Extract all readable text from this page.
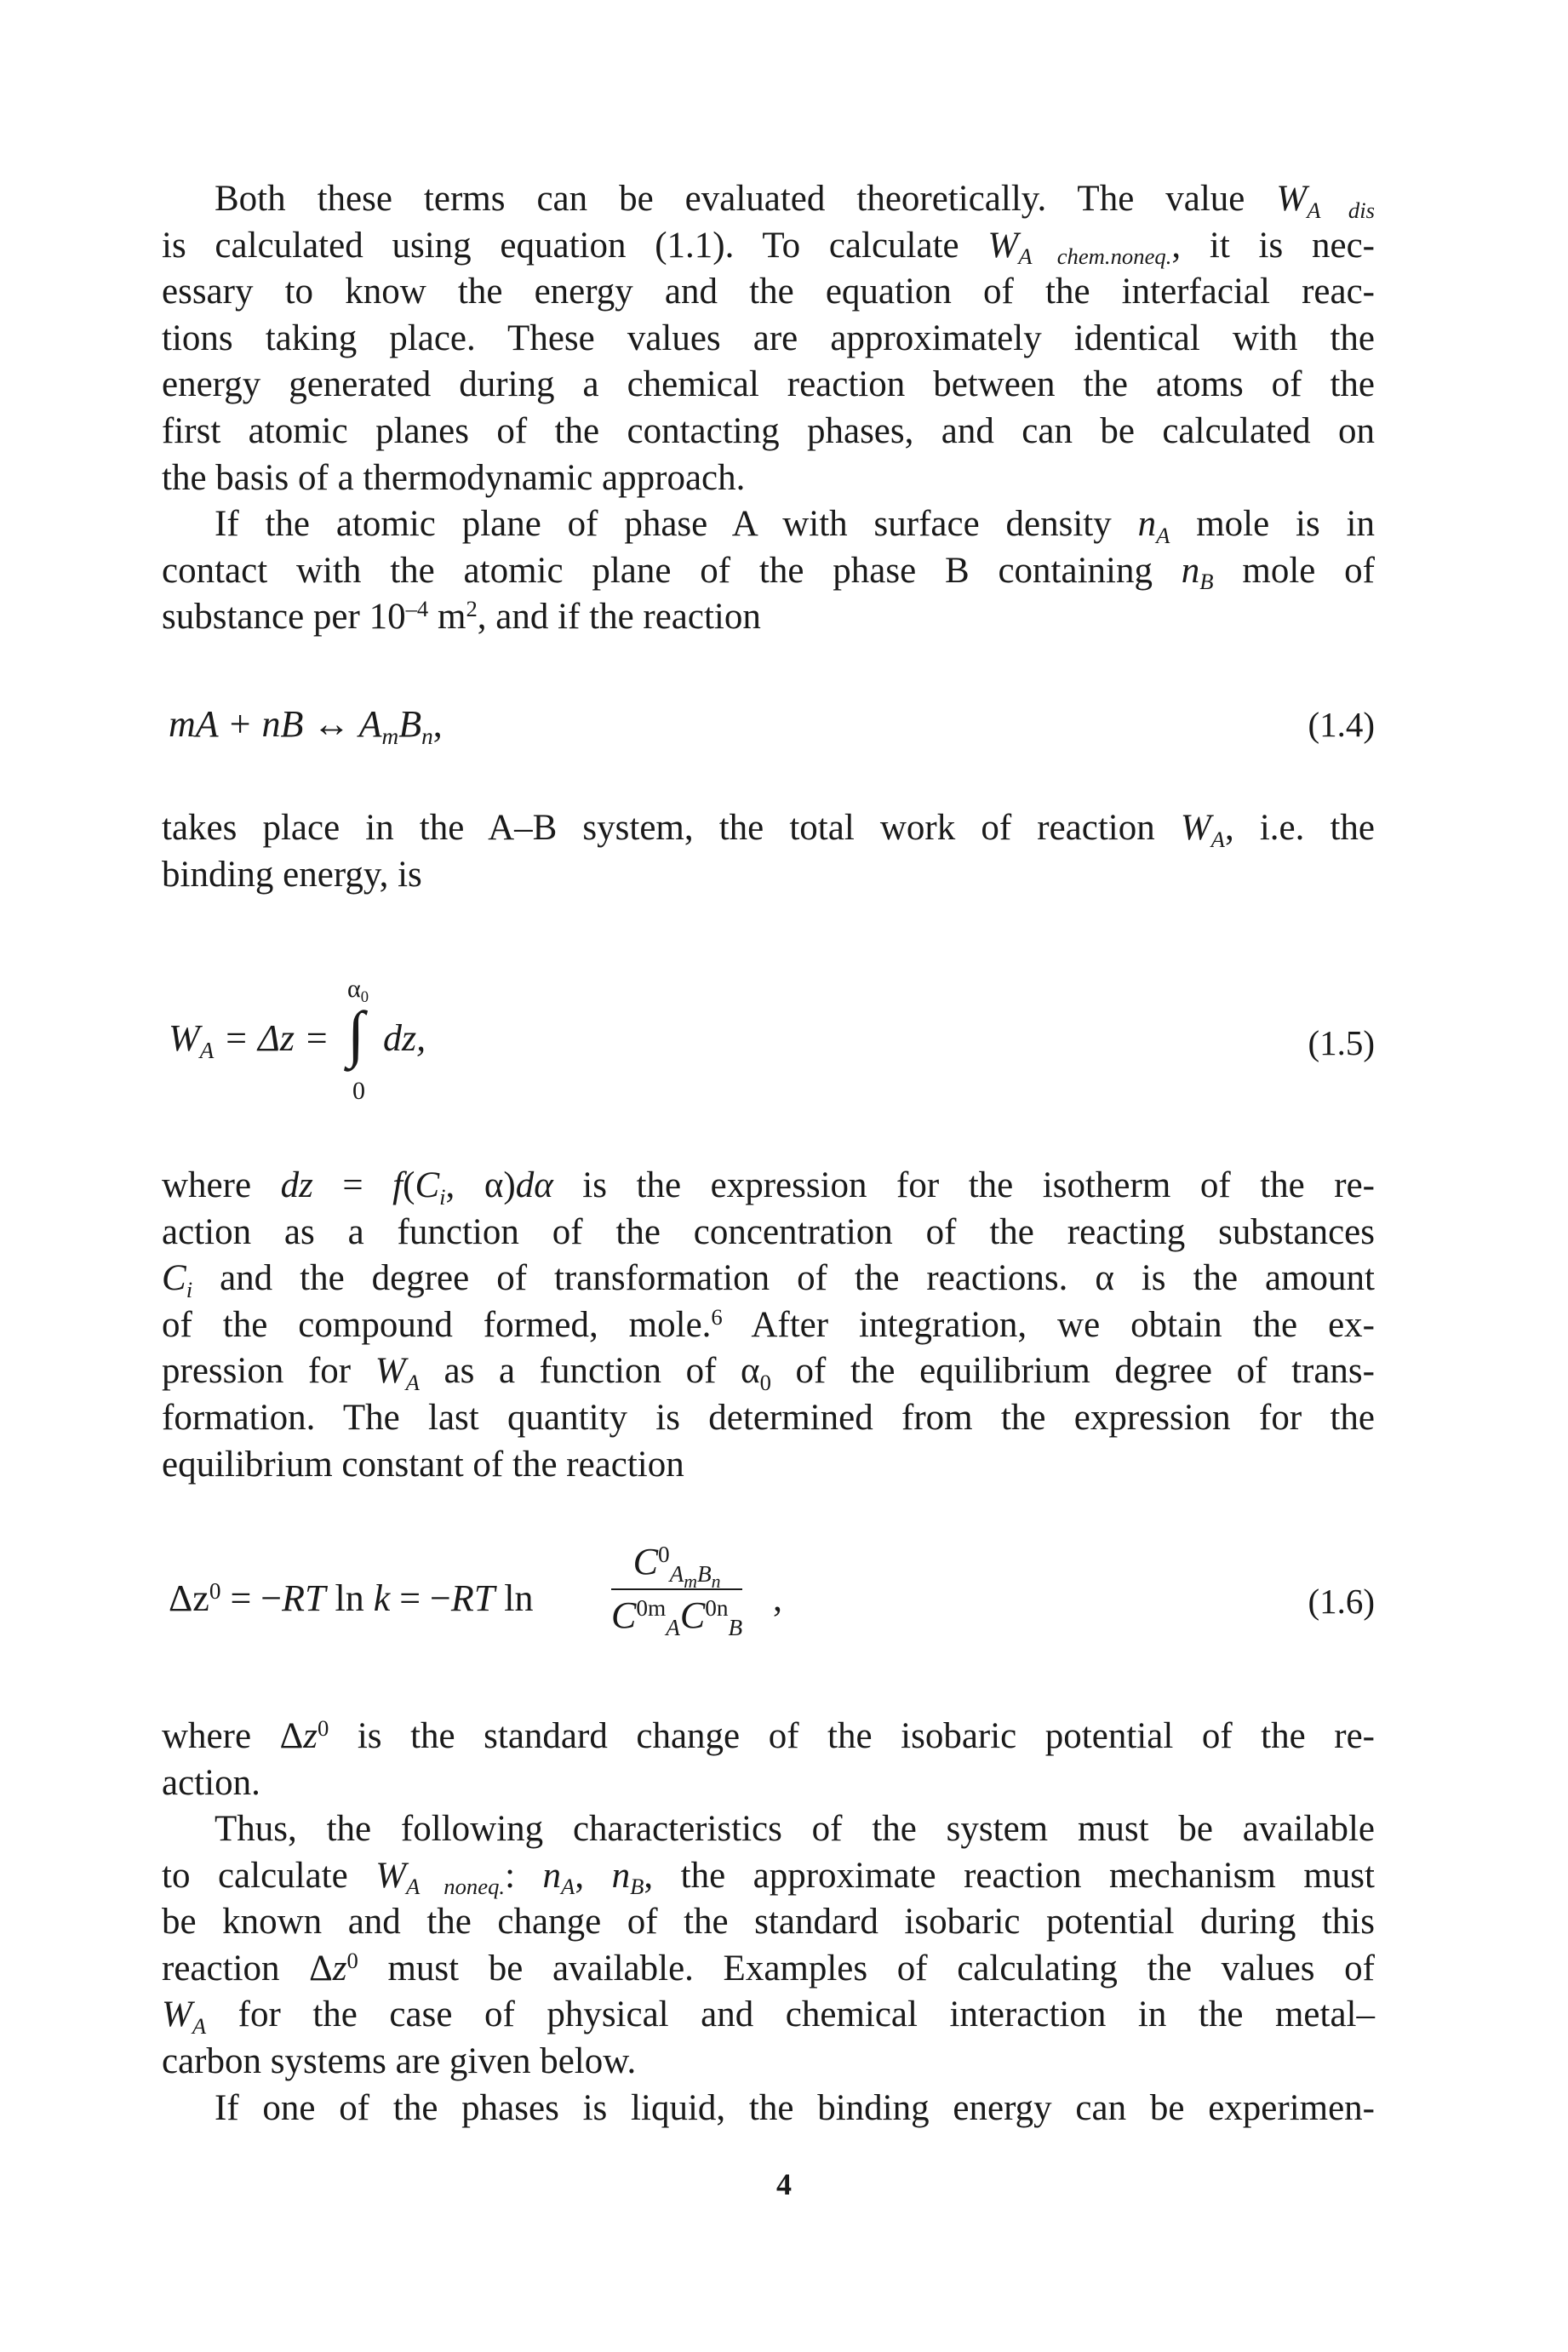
Both these terms can be evaluated theoretically. The value $W_{A dis}$
is calculated using equation (1.1). To calculate $W_{A chem.noneq.}$, it is nec-
essary to know the energy and the equation of the interfacial reac-
tions taking place. These values are approximately identical with the
energy generated during a chemical reaction between the atoms of the
first atomic planes of the contacting phases, and can be calculated on
the basis of a thermodynamic approach.
If the atomic plane of phase A with surface density $n_A$ mole is in
contact with the atomic plane of the phase B containing $n_B$ mole of
substance per $10^{-4}$ $m^2$, and if the reaction
mA + nB ↔ $A_mB_n$,	(1.4)
takes place in the A–B system, the total work of reaction $W_A$, i.e. the
binding energy, is
$W_A = \Delta z$ =
$\alpha_0$
∫
0
dz,	(1.5)
where dz = $f(C_i$, α)dα is the expression for the isotherm of the re-
action as a function of the concentration of the reacting substances
$C_i$ and the degree of transformation of the reactions. α is the amount
of the compound formed, mole.$^6$ After integration, we obtain the ex-
pression for $W_A$ as a function of $\alpha_0$ of the equilibrium degree of trans-
formation. The last quantity is determined from the expression for the
equilibrium constant of the reaction
$\Delta z^0 = -RT$ ln k = −RT ln
$C^0_{A_mB_n}$
$C^{0m}_AC^{0n}_B$
,	(1.6)
where $\Delta z^0$ is the standard change of the isobaric potential of the re-
action.
Thus, the following characteristics of the system must be available
to calculate $W_{A noneq.}$: $n_A$, $n_B$, the approximate reaction mechanism must
be known and the change of the standard isobaric potential during this
reaction $\Delta z^0$ must be available. Examples of calculating the values of
$W_A$ for the case of physical and chemical interaction in the metal–
carbon systems are given below.
If one of the phases is liquid, the binding energy can be experimen-
4
